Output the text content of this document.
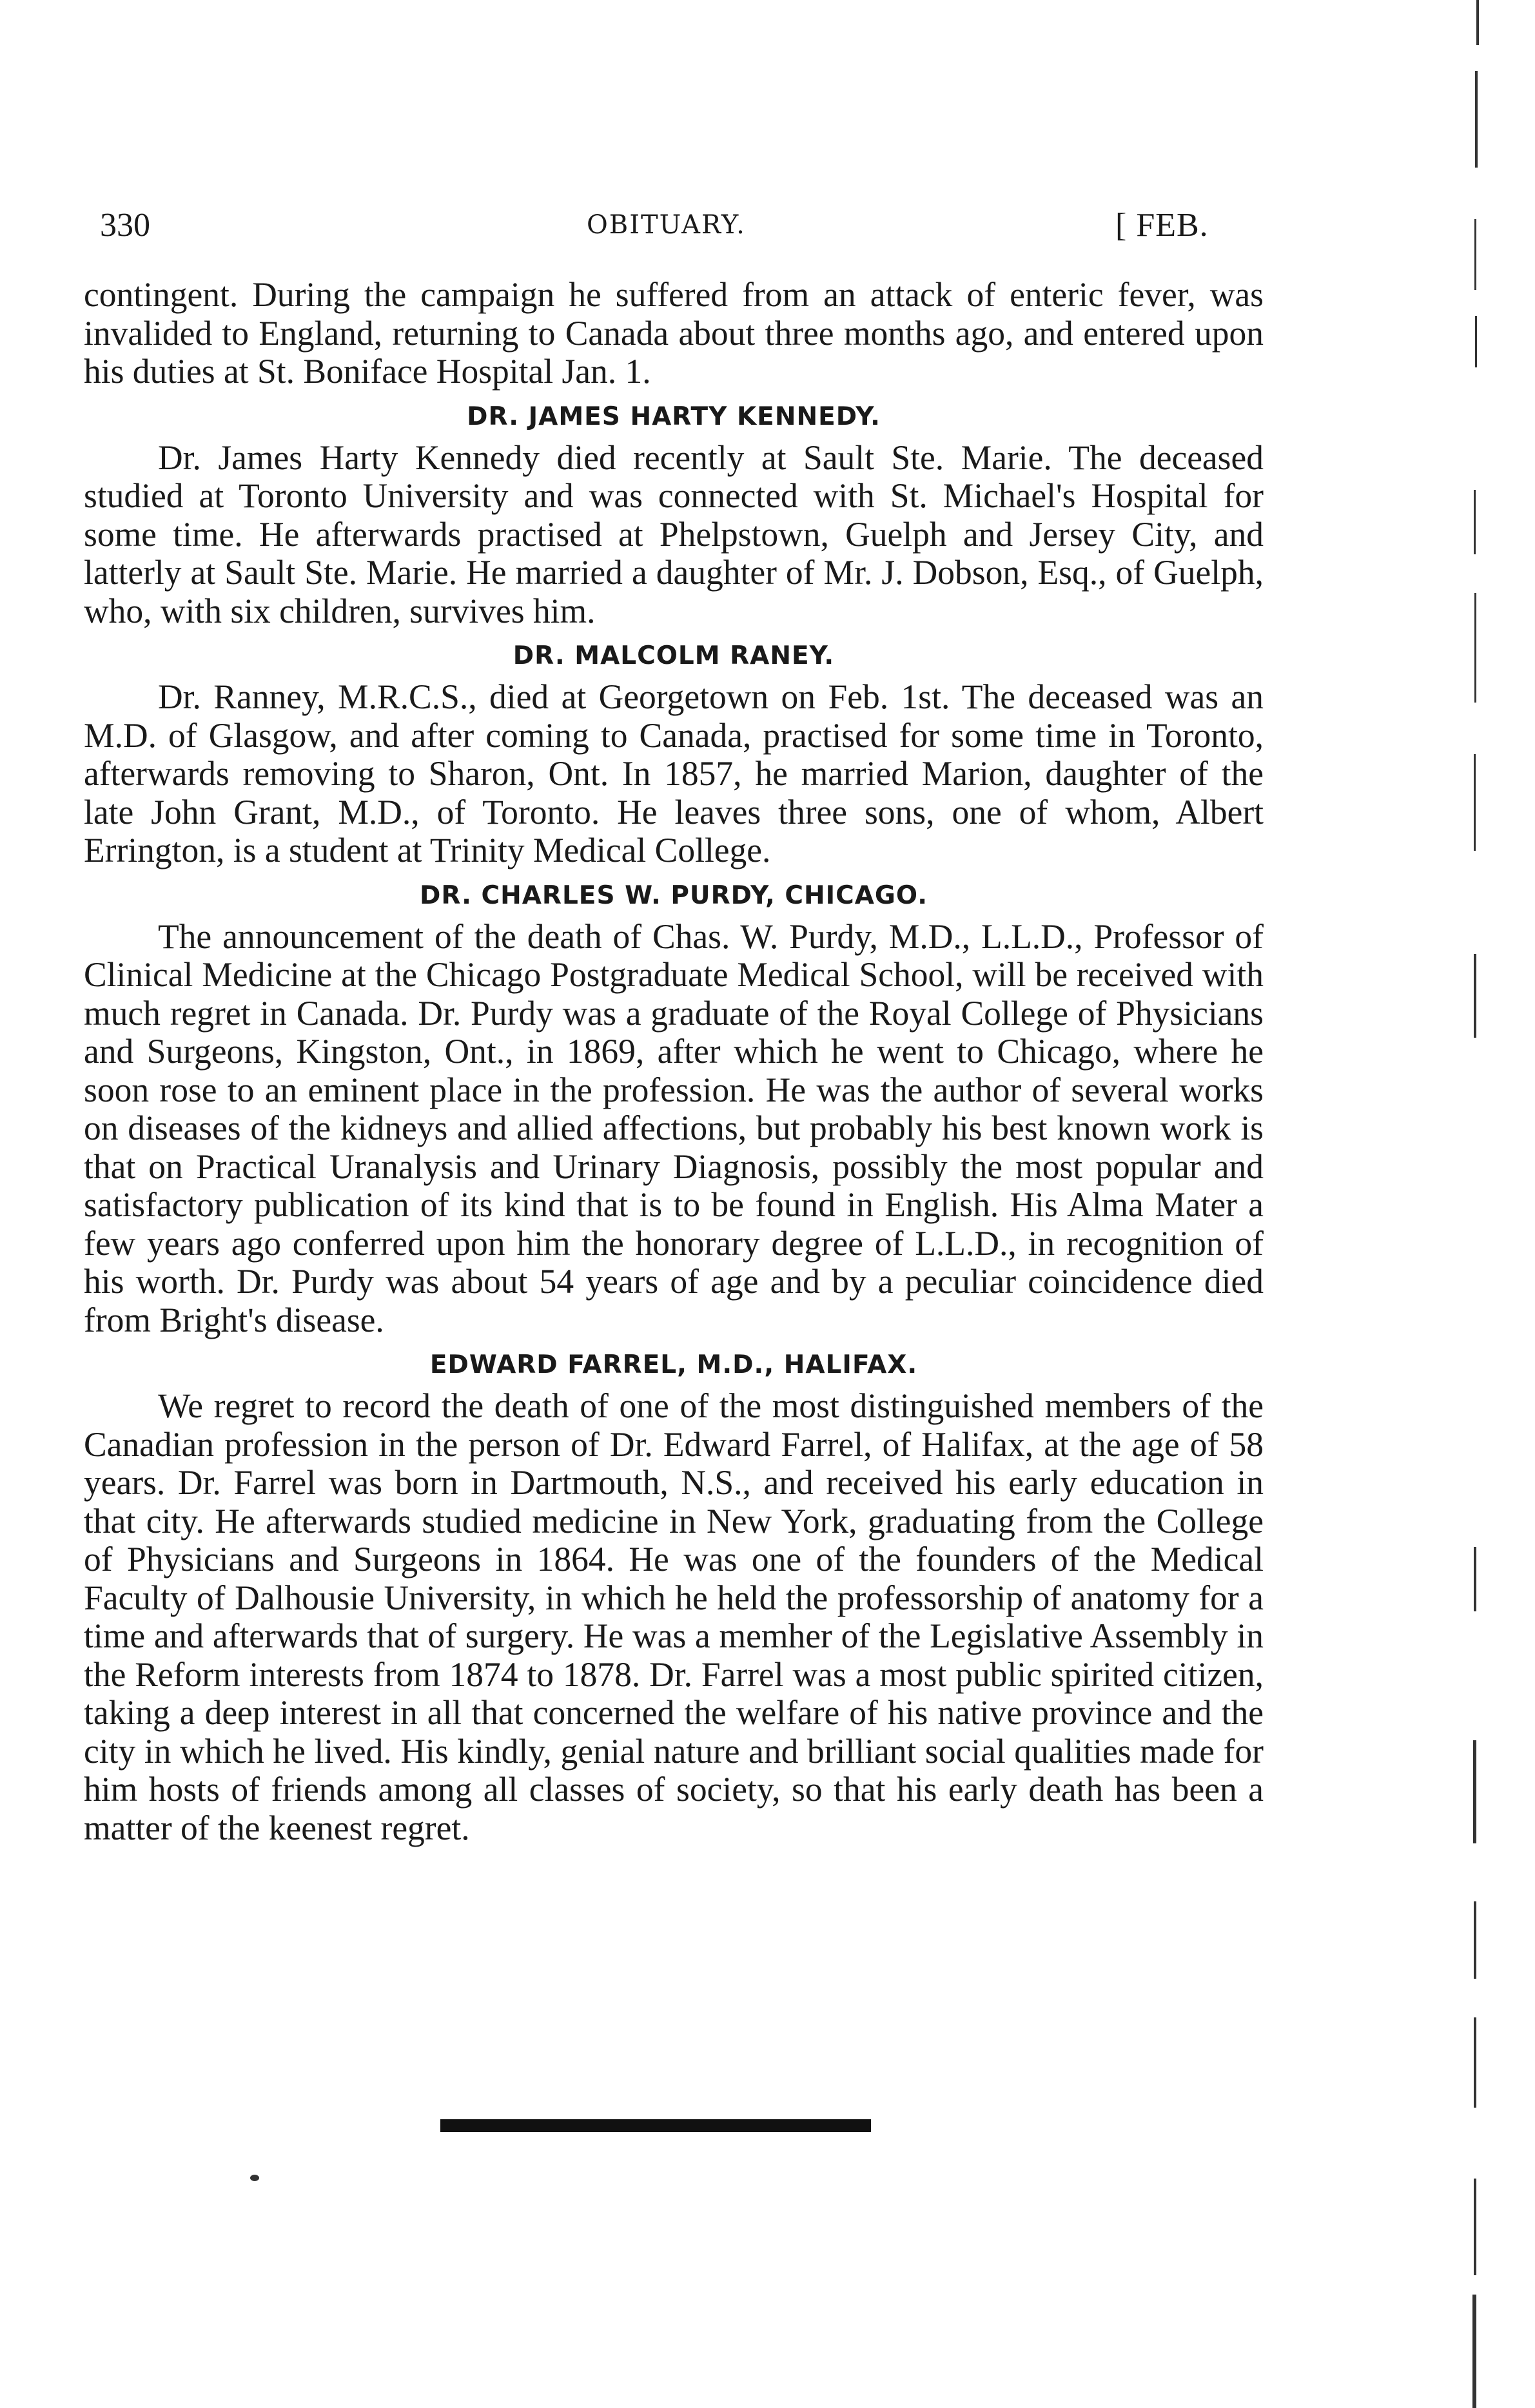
330	OBITUARY.	[ FEB.

contingent. During the campaign he suffered from an attack of enteric fever, was invalided to England, returning to Canada about three months ago, and entered upon his duties at St. Boniface Hospital Jan. 1.

DR. JAMES HARTY KENNEDY.

Dr. James Harty Kennedy died recently at Sault Ste. Marie. The deceased studied at Toronto University and was connected with St. Michael's Hospital for some time. He afterwards practised at Phelpstown, Guelph and Jersey City, and latterly at Sault Ste. Marie. He married a daughter of Mr. J. Dobson, Esq., of Guelph, who, with six children, survives him.

DR. MALCOLM RANEY.

Dr. Ranney, M.R.C.S., died at Georgetown on Feb. 1st. The deceased was an M.D. of Glasgow, and after coming to Canada, practised for some time in Toronto, afterwards removing to Sharon, Ont. In 1857, he married Marion, daughter of the late John Grant, M.D., of Toronto. He leaves three sons, one of whom, Albert Errington, is a student at Trinity Medical College.

DR. CHARLES W. PURDY, CHICAGO.

The announcement of the death of Chas. W. Purdy, M.D., L.L.D., Professor of Clinical Medicine at the Chicago Postgraduate Medical School, will be received with much regret in Canada. Dr. Purdy was a graduate of the Royal College of Physicians and Surgeons, Kingston, Ont., in 1869, after which he went to Chicago, where he soon rose to an eminent place in the profession. He was the author of several works on diseases of the kidneys and allied affections, but probably his best known work is that on Practical Uranalysis and Urinary Diagnosis, possibly the most popular and satisfactory publication of its kind that is to be found in English. His Alma Mater a few years ago conferred upon him the honorary degree of L.L.D., in recognition of his worth. Dr. Purdy was about 54 years of age and by a peculiar coincidence died from Bright's disease.

EDWARD FARREL, M.D., HALIFAX.

We regret to record the death of one of the most distinguished members of the Canadian profession in the person of Dr. Edward Farrel, of Halifax, at the age of 58 years. Dr. Farrel was born in Dartmouth, N.S., and received his early education in that city. He afterwards studied medicine in New York, graduating from the College of Physicians and Surgeons in 1864. He was one of the founders of the Medical Faculty of Dalhousie University, in which he held the professorship of anatomy for a time and afterwards that of surgery. He was a memher of the Legislative Assembly in the Reform interests from 1874 to 1878. Dr. Farrel was a most public spirited citizen, taking a deep interest in all that concerned the welfare of his native province and the city in which he lived. His kindly, genial nature and brilliant social qualities made for him hosts of friends among all classes of society, so that his early death has been a matter of the keenest regret.
